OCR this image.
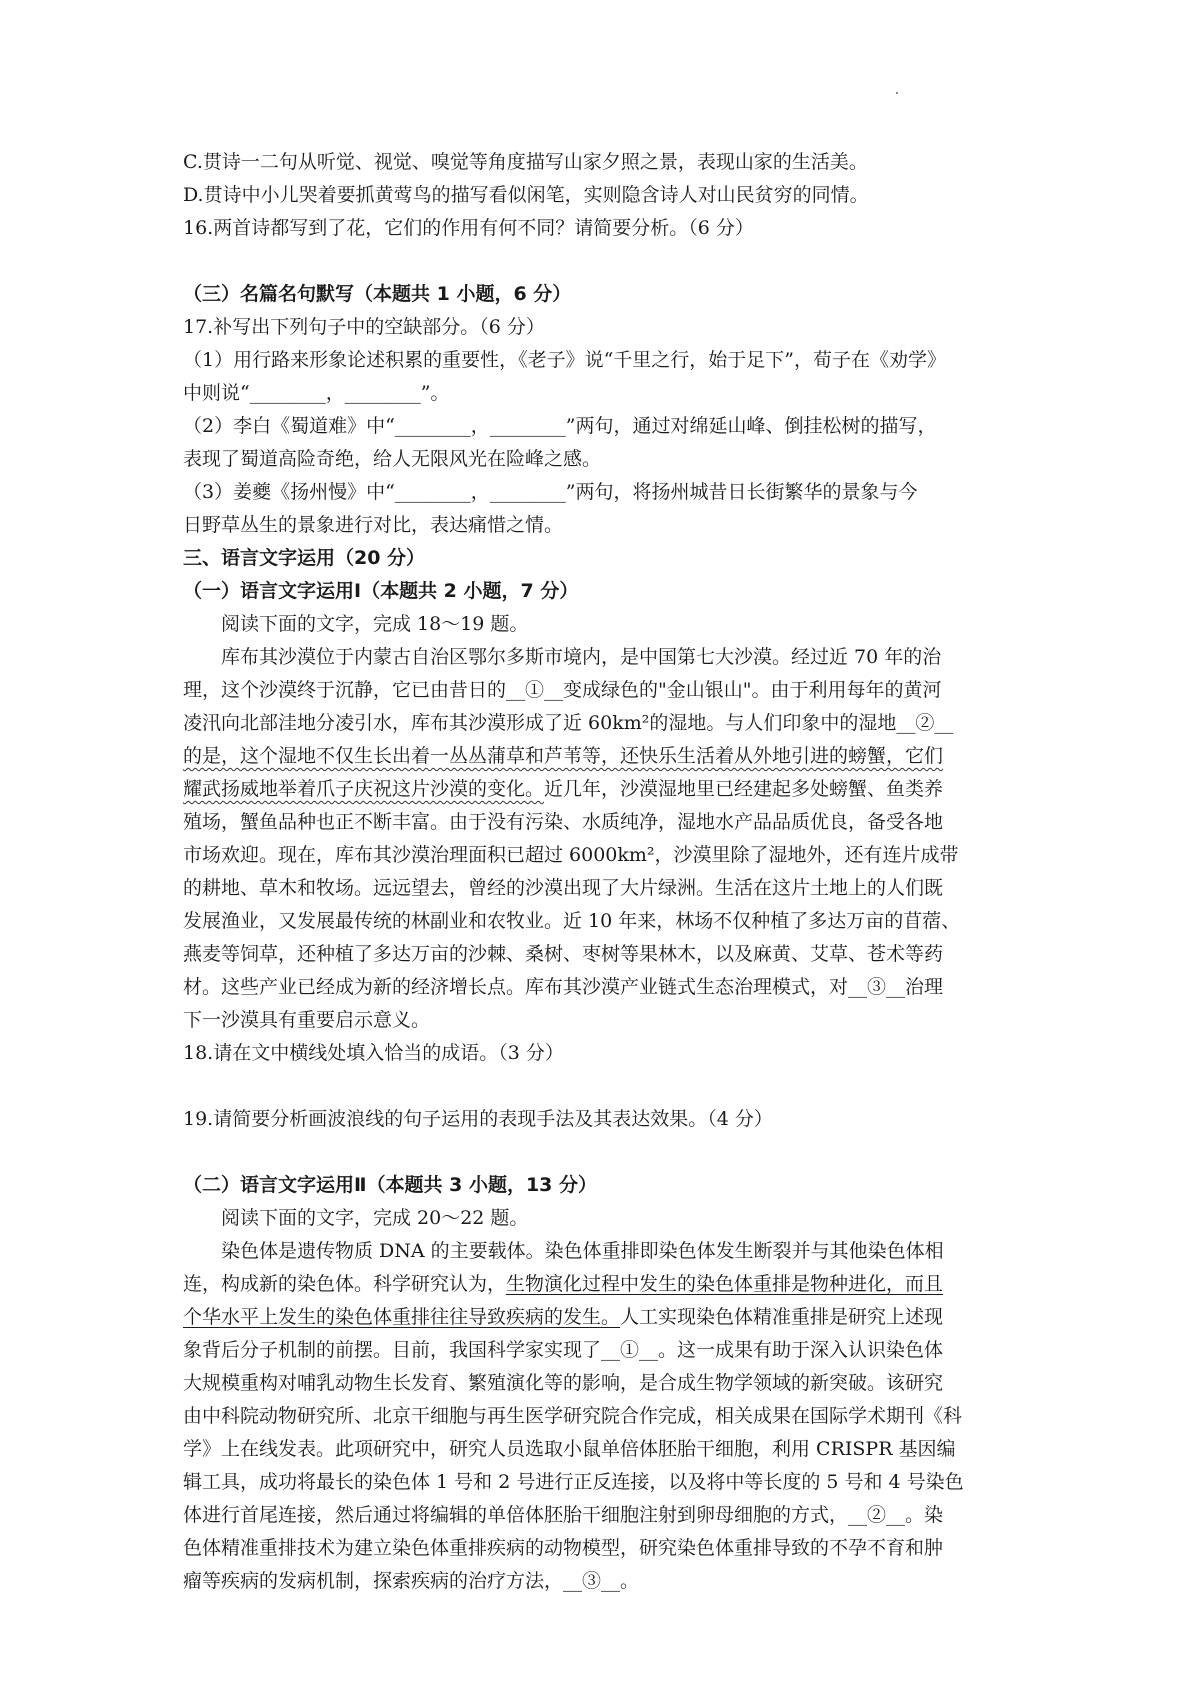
C.贯诗一二句从听觉、视觉、嗅觉等角度描写山家夕照之景，表现山家的生活美。
D.贯诗中小儿哭着要抓黄莺鸟的描写看似闲笔，实则隐含诗人对山民贫穷的同情。
16.两首诗都写到了花，它们的作用有何不同？请简要分析。（6 分）
（三）名篇名句默写（本题共 1 小题，6 分）
17.补写出下列句子中的空缺部分。（6 分）
（1）用行路来形象论述积累的重要性，《老子》说“千里之行，始于足下”，荀子在《劝学》
中则说“________，________”。
（2）李白《蜀道难》中“________，________”两句，通过对绵延山峰、倒挂松树的描写，
表现了蜀道高险奇绝，给人无限风光在险峰之感。
（3）姜夔《扬州慢》中“________，________”两句，将扬州城昔日长街繁华的景象与今
日野草丛生的景象进行对比，表达痛惜之情。
三、语言文字运用（20 分）
（一）语言文字运用Ⅰ（本题共 2 小题，7 分）
阅读下面的文字，完成 18～19 题。
库布其沙漠位于内蒙古自治区鄂尔多斯市境内，是中国第七大沙漠。经过近 70 年的治
理，这个沙漠终于沉静，它已由昔日的__①__变成绿色的"金山银山"。由于利用每年的黄河
凌汛向北部洼地分凌引水，库布其沙漠形成了近 60km²的湿地。与人们印象中的湿地__②__
的是，这个湿地不仅生长出着一丛丛蒲草和芦苇等，还快乐生活着从外地引进的螃蟹，它们
耀武扬威地举着爪子庆祝这片沙漠的变化。近几年，沙漠湿地里已经建起多处螃蟹、鱼类养
殖场，蟹鱼品种也正不断丰富。由于没有污染、水质纯净，湿地水产品品质优良，备受各地
市场欢迎。现在，库布其沙漠治理面积已超过 6000km²，沙漠里除了湿地外，还有连片成带
的耕地、草木和牧场。远远望去，曾经的沙漠出现了大片绿洲。生活在这片土地上的人们既
发展渔业，又发展最传统的林副业和农牧业。近 10 年来，林场不仅种植了多达万亩的苜蓿、
燕麦等饲草，还种植了多达万亩的沙棘、桑树、枣树等果林木，以及麻黄、艾草、苍术等药
材。这些产业已经成为新的经济增长点。库布其沙漠产业链式生态治理模式，对__③__治理
下一沙漠具有重要启示意义。
18.请在文中横线处填入恰当的成语。（3 分）
19.请简要分析画波浪线的句子运用的表现手法及其表达效果。（4 分）
（二）语言文字运用Ⅱ（本题共 3 小题，13 分）
阅读下面的文字，完成 20～22 题。
染色体是遗传物质 DNA 的主要载体。染色体重排即染色体发生断裂并与其他染色体相
连，构成新的染色体。科学研究认为，生物演化过程中发生的染色体重排是物种进化，而且
个华水平上发生的染色体重排往往导致疾病的发生。人工实现染色体精准重排是研究上述现
象背后分子机制的前摆。目前，我国科学家实现了__①__。这一成果有助于深入认识染色体
大规模重构对哺乳动物生长发育、繁殖演化等的影响，是合成生物学领域的新突破。该研究
由中科院动物研究所、北京干细胞与再生医学研究院合作完成，相关成果在国际学术期刊《科
学》上在线发表。此项研究中，研究人员选取小鼠单倍体胚胎干细胞，利用 CRISPR 基因编
辑工具，成功将最长的染色体 1 号和 2 号进行正反连接，以及将中等长度的 5 号和 4 号染色
体进行首尾连接，然后通过将编辑的单倍体胚胎干细胞注射到卵母细胞的方式，__②__。染
色体精准重排技术为建立染色体重排疾病的动物模型，研究染色体重排导致的不孕不育和肿
瘤等疾病的发病机制，探索疾病的治疗方法，__③__。
